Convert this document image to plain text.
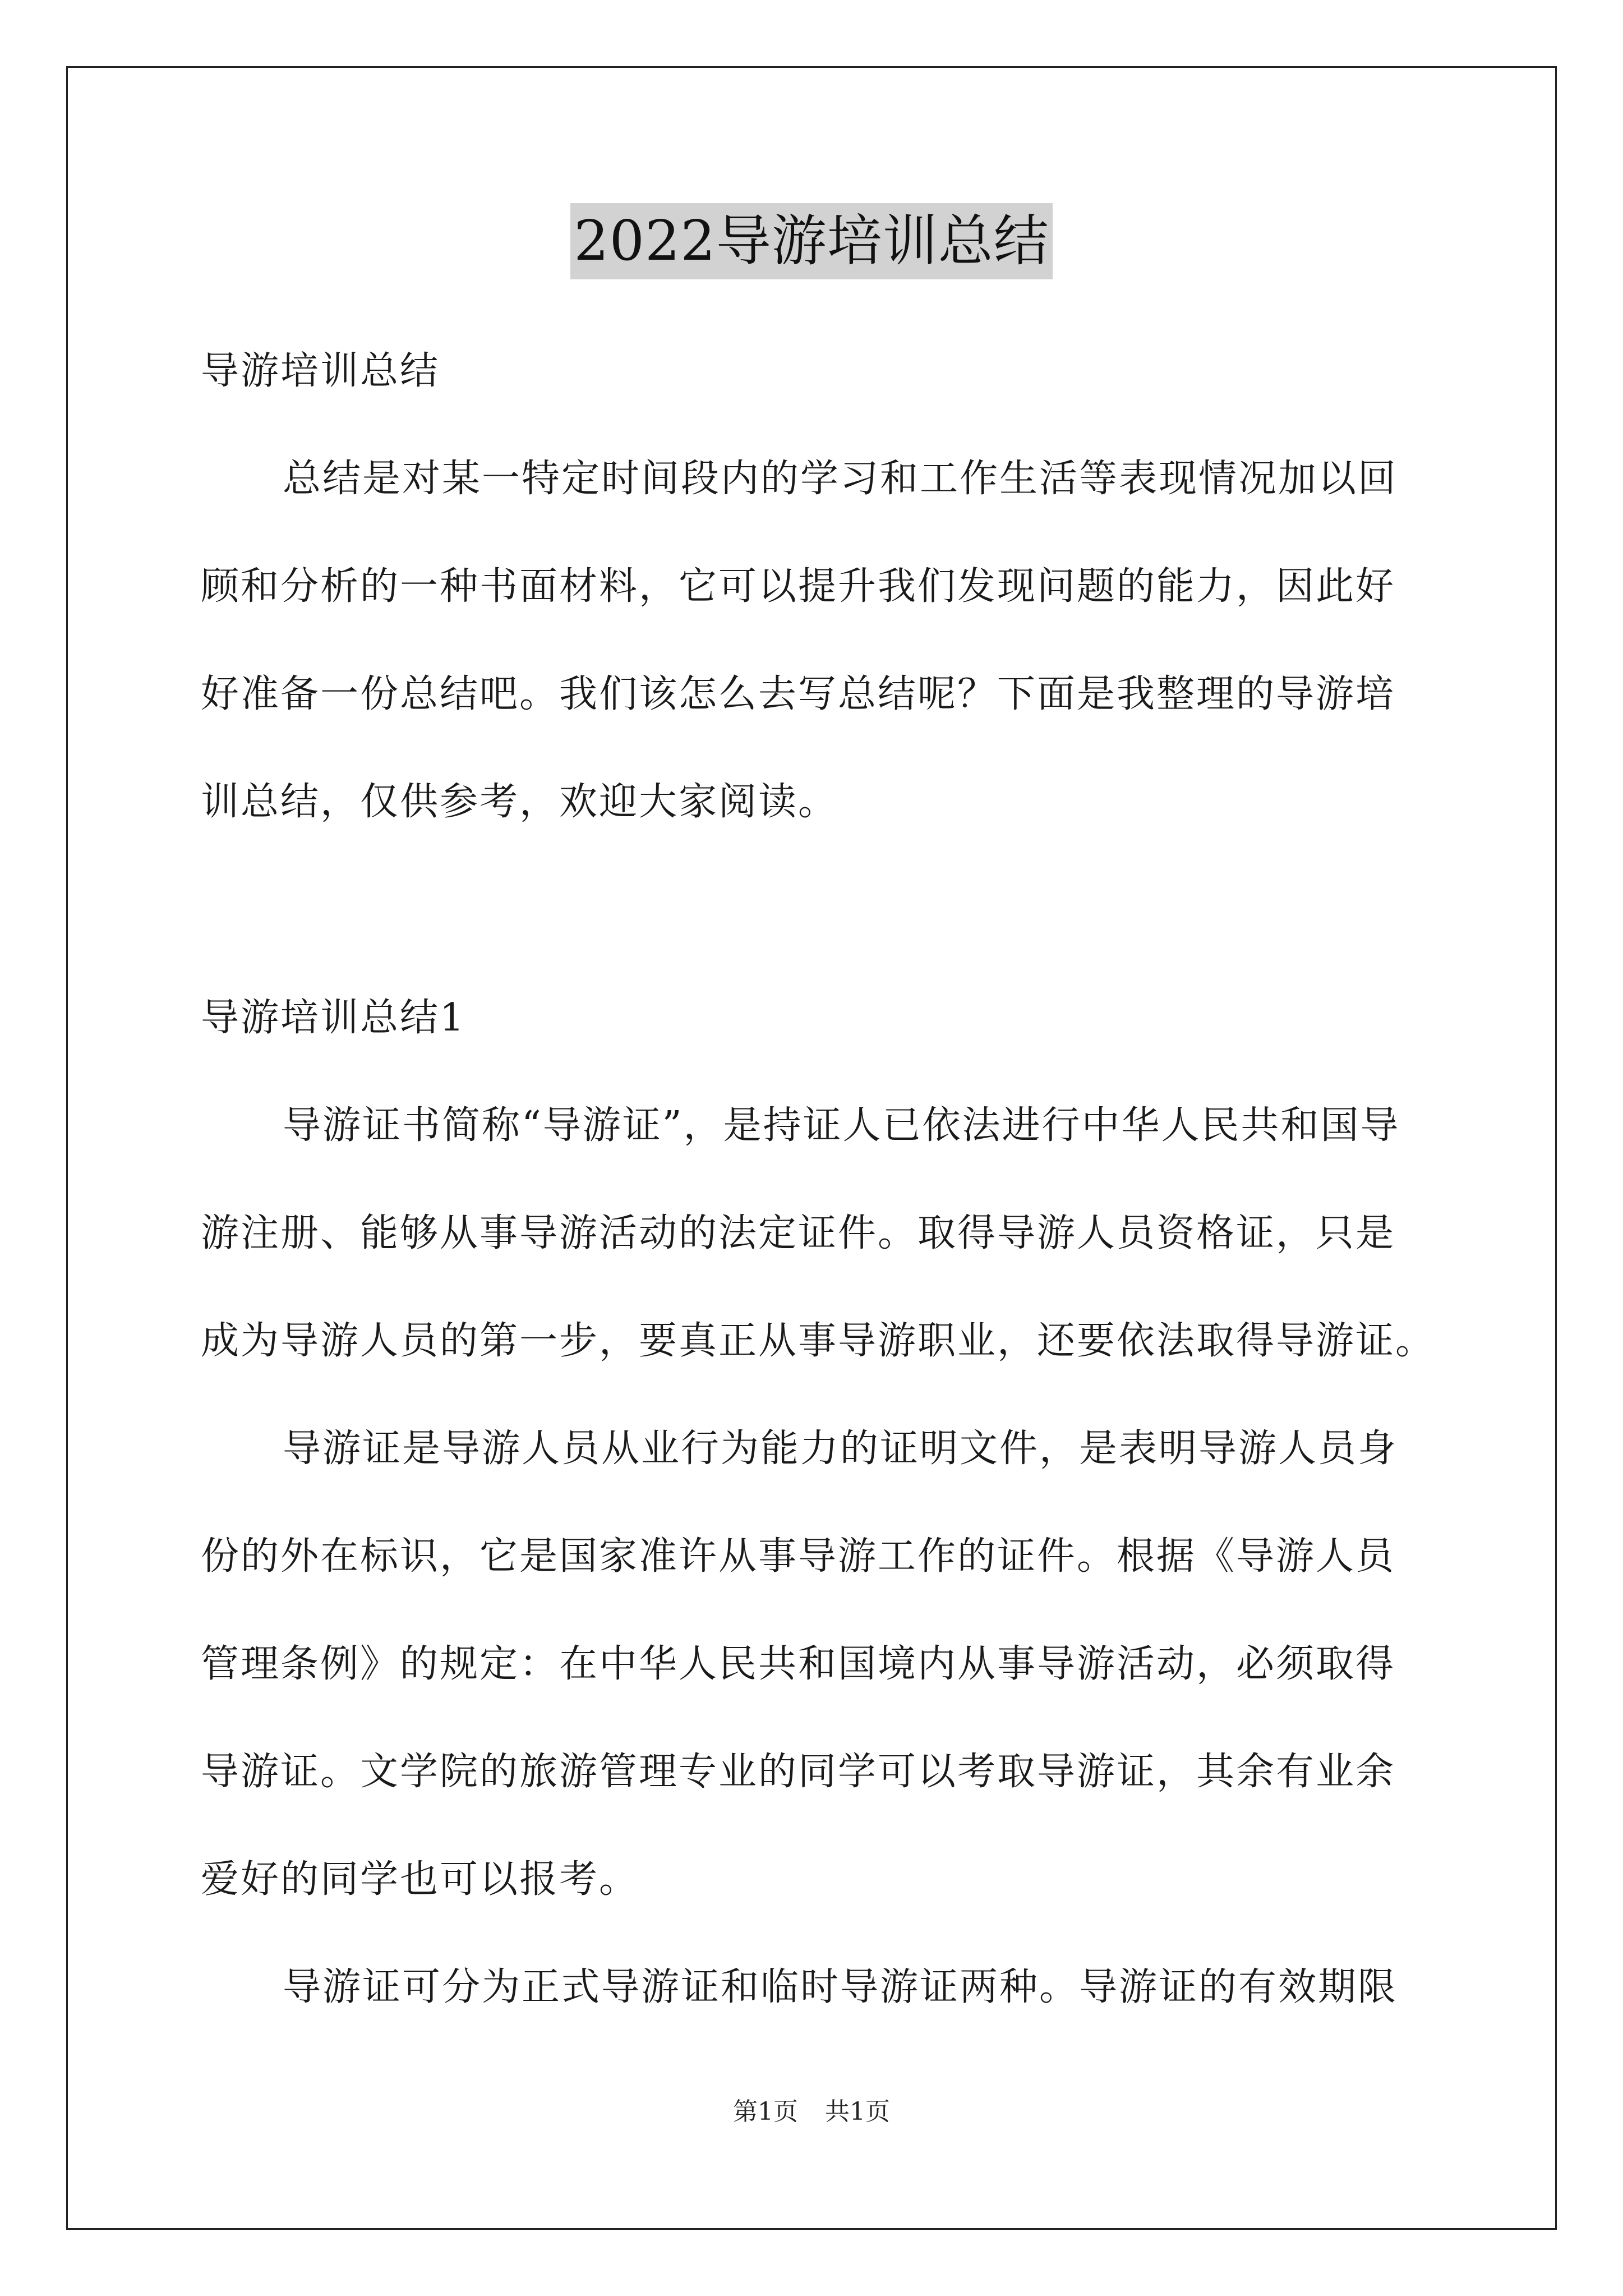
2022导游培训总结

导游培训总结

总结是对某一特定时间段内的学习和工作生活等表现情况加以回

顾和分析的一种书面材料，它可以提升我们发现问题的能力，因此好

好准备一份总结吧。我们该怎么去写总结呢？下面是我整理的导游培

训总结，仅供参考，欢迎大家阅读。

导游培训总结1

导游证书简称“导游证”，是持证人已依法进行中华人民共和国导

游注册、能够从事导游活动的法定证件。取得导游人员资格证，只是

成为导游人员的第一步，要真正从事导游职业，还要依法取得导游证。

导游证是导游人员从业行为能力的证明文件，是表明导游人员身

份的外在标识，它是国家准许从事导游工作的证件。根据《导游人员

管理条例》的规定：在中华人民共和国境内从事导游活动，必须取得

导游证。文学院的旅游管理专业的同学可以考取导游证，其余有业余

爱好的同学也可以报考。

导游证可分为正式导游证和临时导游证两种。导游证的有效期限

第1页 共1页
